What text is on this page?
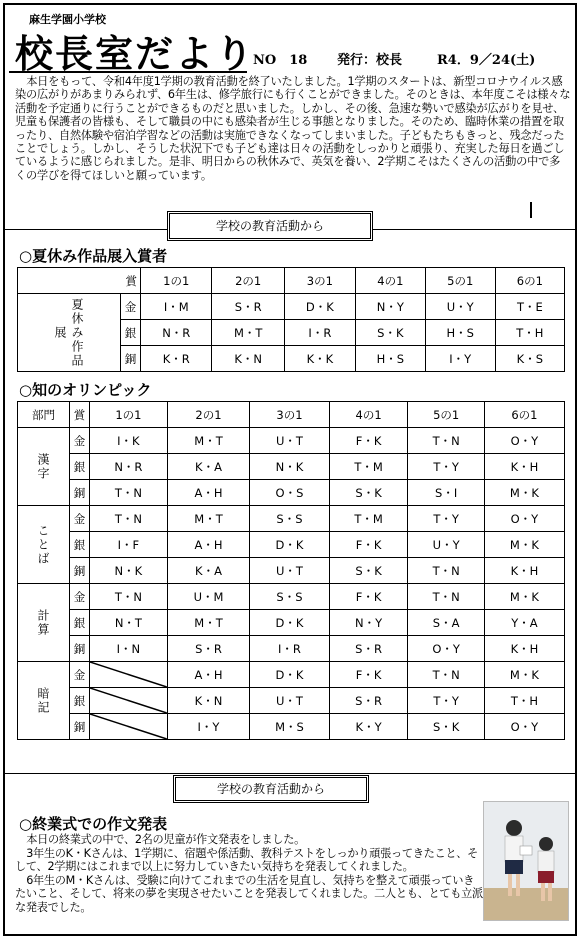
麻生学園小学校
校長室だより
NO　18 発行：校長	R4．9／24(土)

本日をもって、令和4年度1学期の教育活動を終了いたしました。1学期のスタートは、新型コロナウイルス感染の広がりがあまりみられず、6年生は、修学旅行にも行くことができました。そのときは、本年度こそは様々な活動を予定通りに行うことができるものだと思いました。しかし、その後、急速な勢いで感染が広がりを見せ、児童も保護者の皆様も、そして職員の中にも感染者が生じる事態となりました。そのため、臨時休業の措置を取ったり、自然体験や宿泊学習などの活動は実施できなくなってしまいました。子どもたちもきっと、残念だったことでしょう。しかし、そうした状況下でも子ども達は日々の活動をしっかりと頑張り、充実した毎日を過ごしているように感じられました。是非、明日からの秋休みで、英気を養い、2学期こそはたくさんの活動の中で多くの学びを得てほしいと願っています。

学校の教育活動から
○夏休み作品展入賞者
賞		1の1	2の1	3の1	4の1	5の1	6の1

夏休み作品展	金	I・M	S・R	D・K	N・Y	U・Y	T・E
	銀	N・R	M・T	I・R	S・K	H・S	T・H
	銅	K・R	K・N	K・K	H・S	I・Y	K・S
○知のオリンピック
部門	賞	1の1	2の1	3の1	4の1	5の1	6の1

漢字	金	I・K	M・T	U・T	F・K	T・N	O・Y
	銀	N・R	K・A	N・K	T・M	T・Y	K・H
	銅	T・N	A・H	O・S	S・K	S・I	M・K

ことば	金	T・N	M・T	S・S	T・M	T・Y	O・Y
	銀	I・F	A・H	D・K	F・K	U・Y	M・K
	銅	N・K	K・A	U・T	S・K	T・N	K・H

計算	金	T・N	U・M	S・S	F・K	T・N	M・K
	銀	N・T	M・T	D・K	N・Y	S・A	Y・A
	銅	I・N	S・R	I・R	S・R	O・Y	K・H

暗記	金		A・H	D・K	F・K	T・N	M・K
	銀		K・N	U・T	S・R	T・Y	T・H
	銅		I・Y	M・S	K・Y	S・K	O・Y
学校の教育活動から
○終業式での作文発表

本日の終業式の中で、2名の児童が作文発表をしました。

3年生のK・Kさんは、1学期に、宿題や係活動、教科テストをしっかり頑張ってきたこと、そして、2学期にはこれまで以上に努力していきたい気持ちを発表してくれました。

6年生のM・Kさんは、受験に向けてこれまでの生活を見直し、気持ちを整えて頑張っていきたいこと、そして、将来の夢を実現させたいことを発表してくれました。二人とも、とても立派な発表でした。
